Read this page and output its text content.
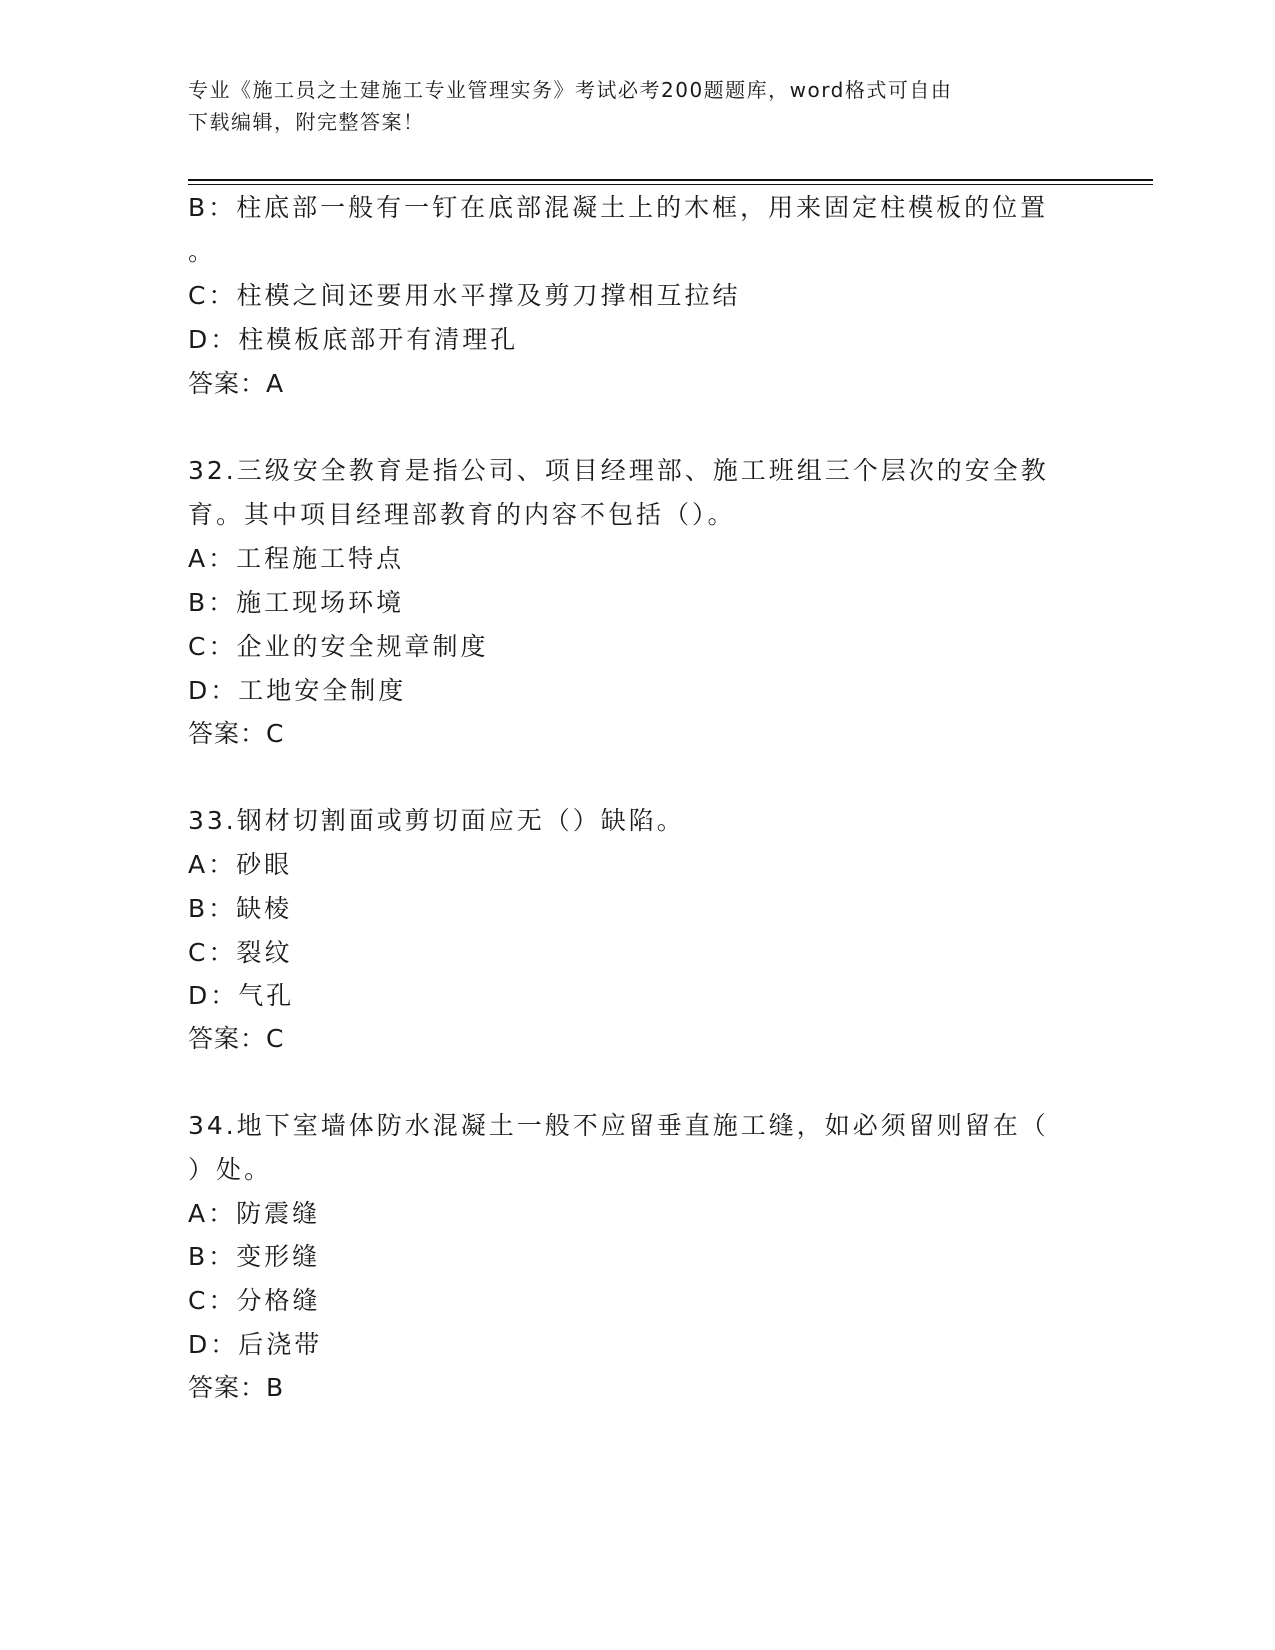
专业《施工员之土建施工专业管理实务》考试必考200题题库，word格式可自由
下载编辑，附完整答案！
B：柱底部一般有一钉在底部混凝土上的木框，用来固定柱模板的位置
。
C：柱模之间还要用水平撑及剪刀撑相互拉结
D：柱模板底部开有清理孔
答案：A
32.三级安全教育是指公司、项目经理部、施工班组三个层次的安全教
育。其中项目经理部教育的内容不包括（）。
A：工程施工特点
B：施工现场环境
C：企业的安全规章制度
D：工地安全制度
答案：C
33.钢材切割面或剪切面应无（）缺陷。
A：砂眼
B：缺棱
C：裂纹
D：气孔
答案：C
34.地下室墙体防水混凝土一般不应留垂直施工缝，如必须留则留在（
）处。
A：防震缝
B：变形缝
C：分格缝
D：后浇带
答案：B
